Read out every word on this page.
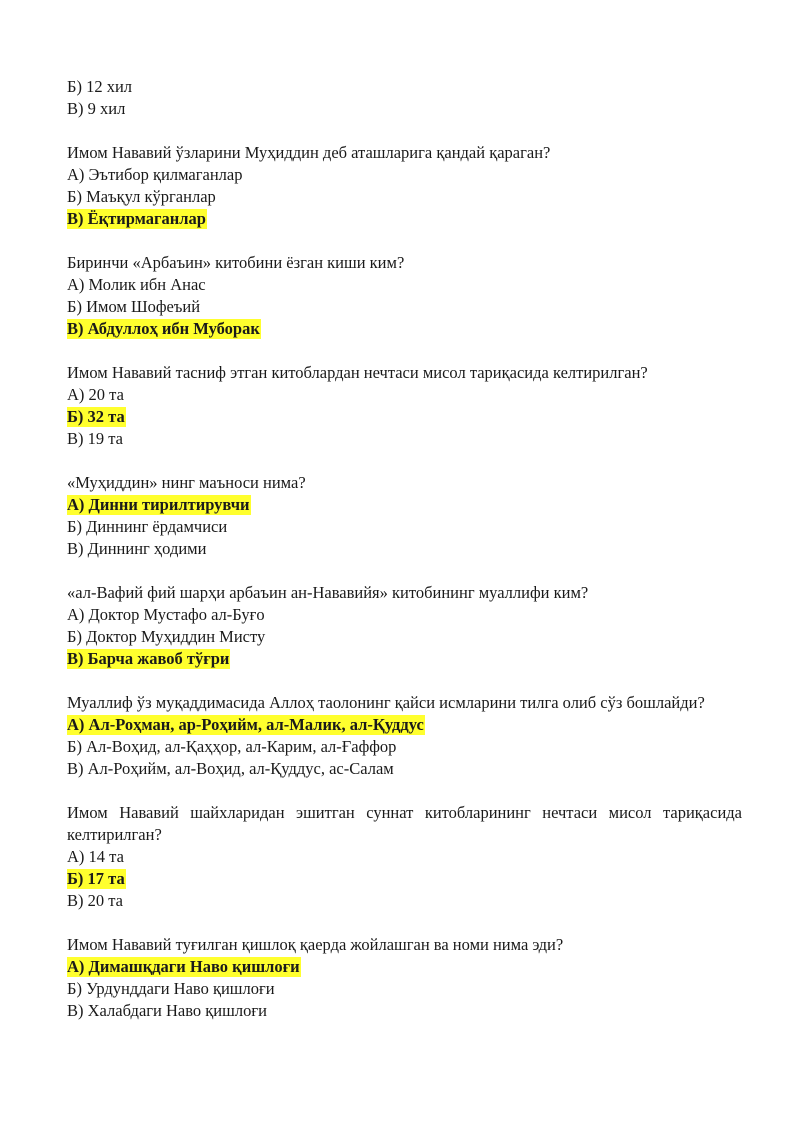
Б) 12 хил
В) 9 хил
Имом Нававий ўзларини Муҳиддин деб аташларига қандай қараган?
А) Эътибор қилмаганлар
Б) Маъқул кўрганлар
В) Ёқтирмаганлар
Биринчи «Арбаъин» китобини ёзган киши ким?
А) Молик ибн Анас
Б) Имом Шофеъий
В) Абдуллоҳ ибн Муборак
Имом Нававий тасниф этган китоблардан нечтаси мисол тариқасида келтирилган?
А) 20 та
Б) 32 та
В) 19 та
«Муҳиддин» нинг маъноси нима?
А) Динни тирилтирувчи
Б) Диннинг ёрдамчиси
В) Диннинг ҳодими
«ал-Вафий фий шарҳи арбаъин ан-Нававийя» китобининг муаллифи ким?
А) Доктор Мустафо ал-Буғо
Б) Доктор Муҳиддин Мисту
В) Барча жавоб тўғри
Муаллиф ўз муқаддимасида Аллоҳ таолонинг қайси исмларини тилга олиб сўз бошлайди?
А) Ал-Роҳман, ар-Роҳийм, ал-Малик, ал-Қуддус
Б) Ал-Воҳид, ал-Қаҳҳор, ал-Карим, ал-Ғаффор
В) Ал-Роҳийм, ал-Воҳид, ал-Қуддус, ас-Салам
Имом Нававий шайхларидан эшитган суннат китобларининг нечтаси мисол тариқасида келтирилган?
А) 14 та
Б) 17 та
В) 20 та
Имом Нававий туғилган қишлоқ қаерда жойлашган ва номи нима эди?
А) Димашқдаги Наво қишлоғи
Б) Урдунддаги Наво қишлоғи
В) Халабдаги Наво қишлоғи
